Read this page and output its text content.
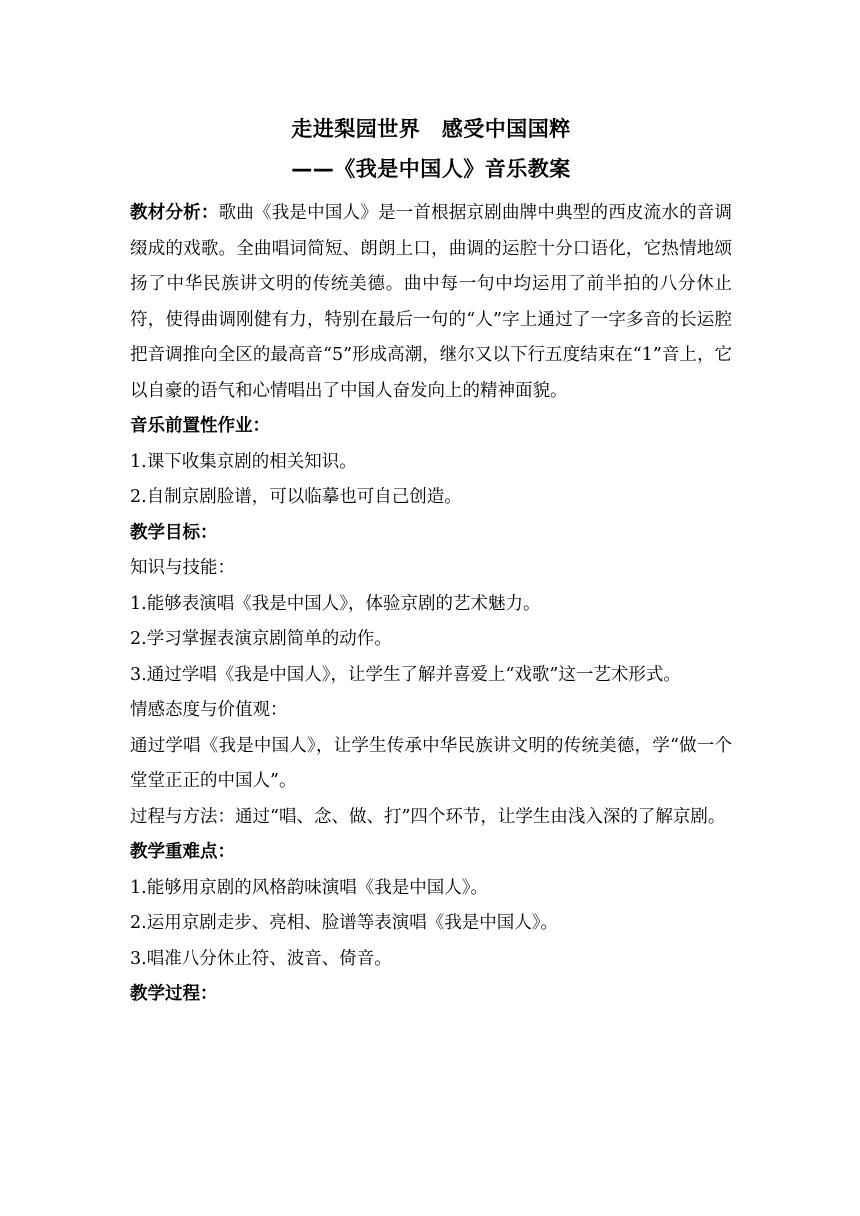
走进梨园世界　感受中国国粹
——《我是中国人》音乐教案

教材分析：歌曲《我是中国人》是一首根据京剧曲牌中典型的西皮流水的音调缀成的戏歌。全曲唱词简短、朗朗上口，曲调的运腔十分口语化，它热情地颂扬了中华民族讲文明的传统美德。曲中每一句中均运用了前半拍的八分休止符，使得曲调刚健有力，特别在最后一句的“人”字上通过了一字多音的长运腔把音调推向全区的最高音“5”形成高潮，继尔又以下行五度结束在“1”音上，它以自豪的语气和心情唱出了中国人奋发向上的精神面貌。

音乐前置性作业：

1.课下收集京剧的相关知识。

2.自制京剧脸谱，可以临摹也可自己创造。

教学目标：

知识与技能：

1.能够表演唱《我是中国人》，体验京剧的艺术魅力。

2.学习掌握表演京剧简单的动作。

3.通过学唱《我是中国人》，让学生了解并喜爱上“戏歌”这一艺术形式。

情感态度与价值观：

通过学唱《我是中国人》，让学生传承中华民族讲文明的传统美德，学“做一个堂堂正正的中国人”。

过程与方法：通过“唱、念、做、打”四个环节，让学生由浅入深的了解京剧。

教学重难点：

1.能够用京剧的风格韵味演唱《我是中国人》。

2.运用京剧走步、亮相、脸谱等表演唱《我是中国人》。

3.唱准八分休止符、波音、倚音。

教学过程：
